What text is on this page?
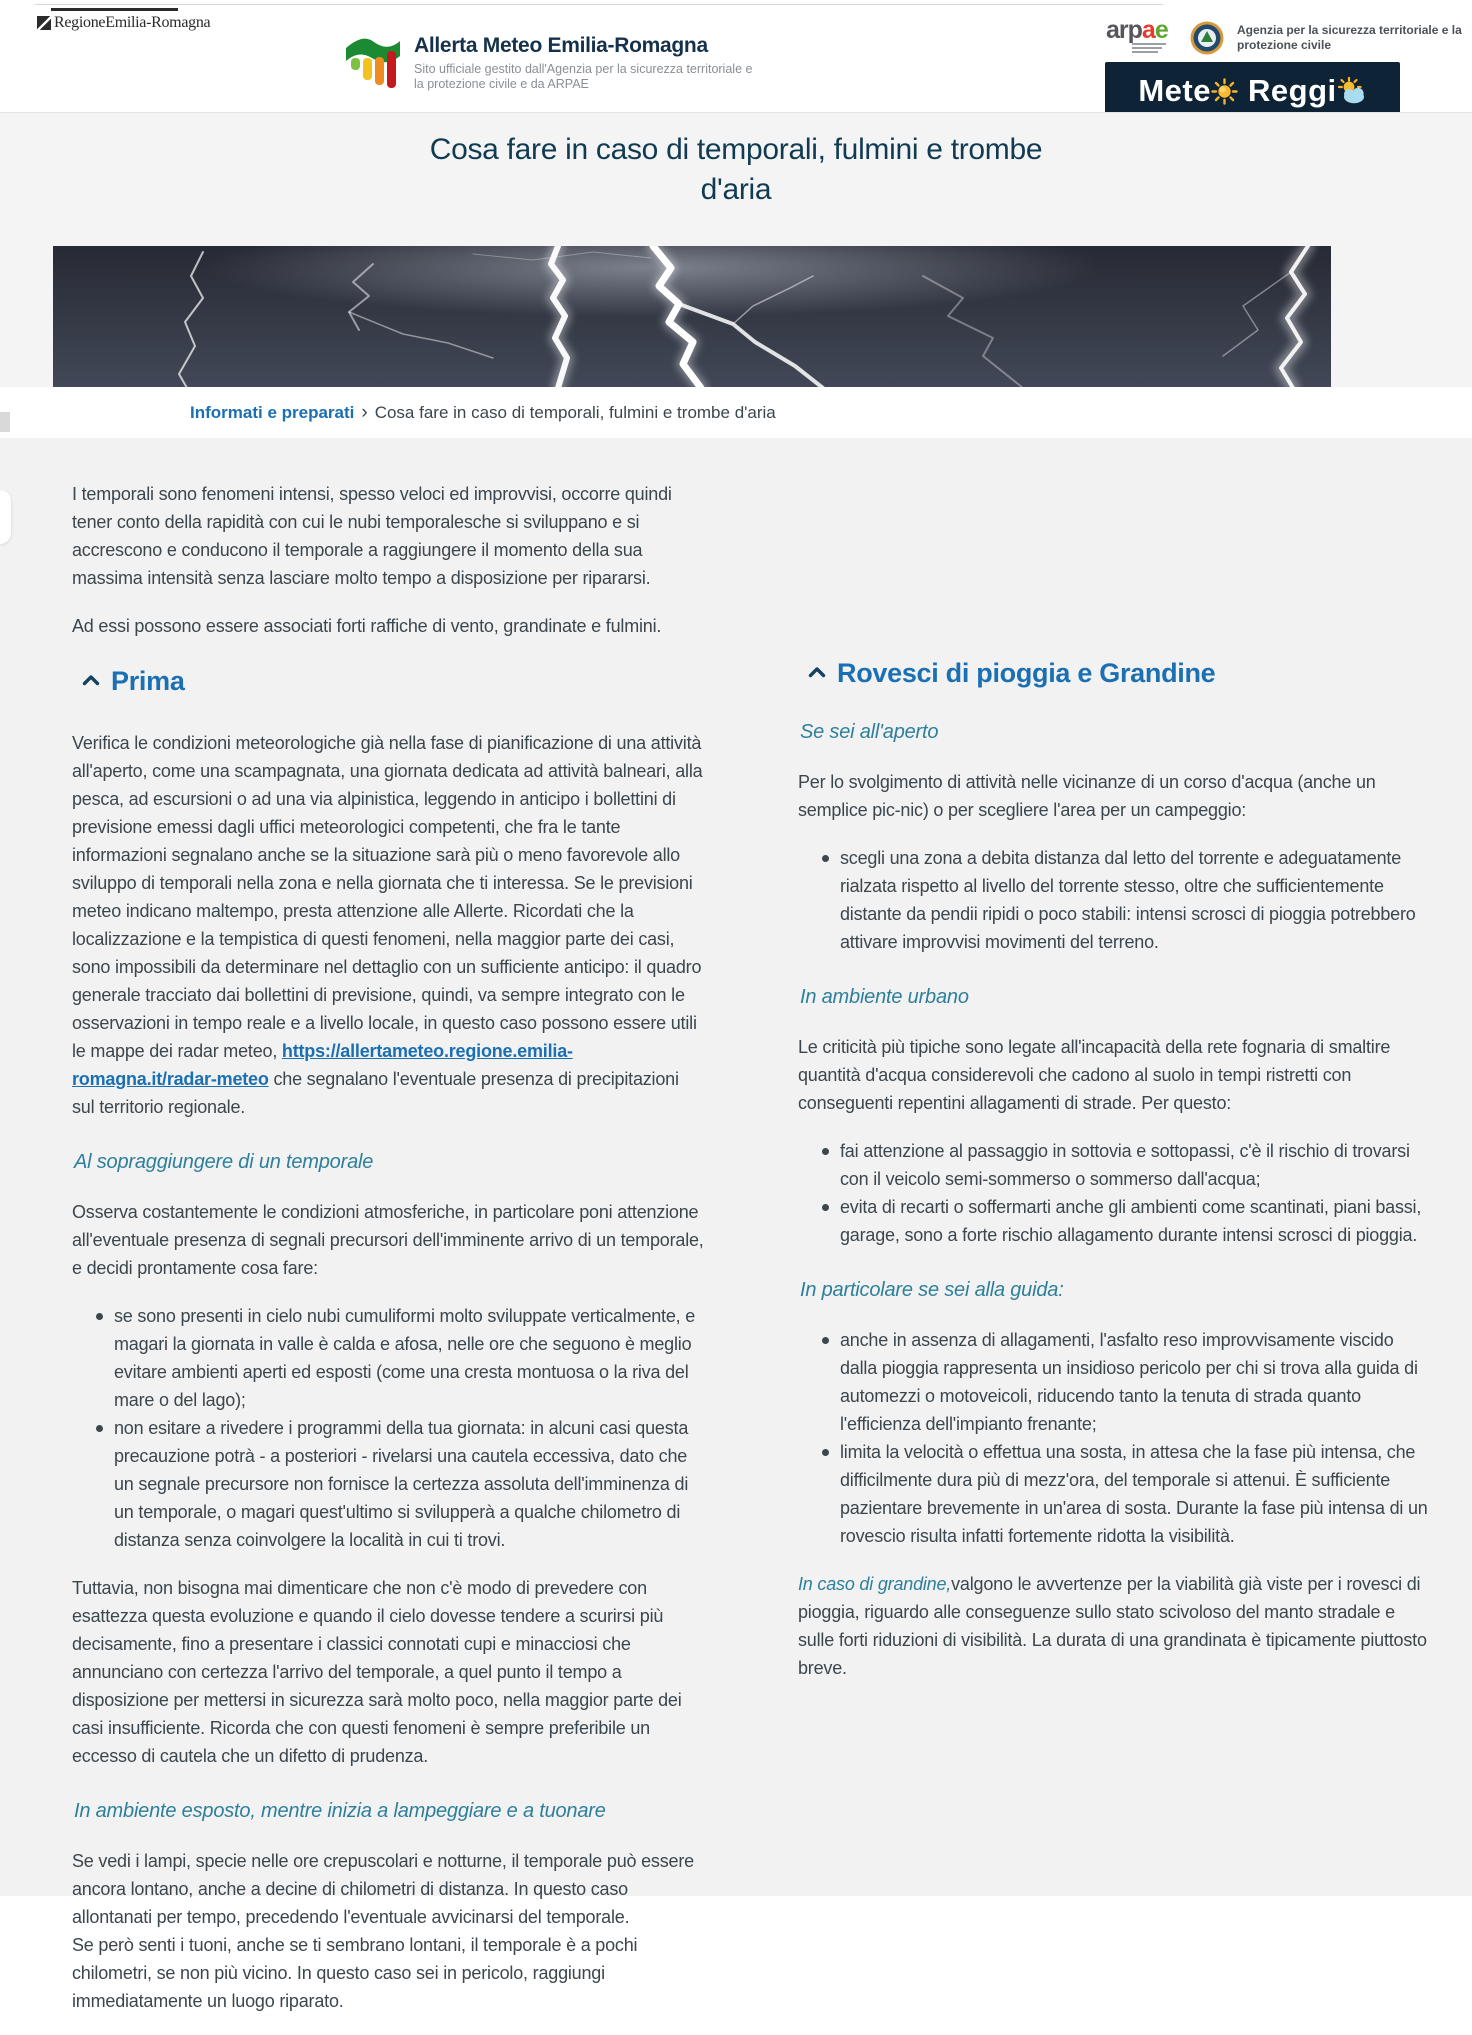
RegioneEmilia-Romagna
Allerta Meteo Emilia-Romagna
Sito ufficiale gestito dall'Agenzia per la sicurezza territoriale e
la protezione civile e da ARPAE
arpae	Agenzia per la sicurezza territoriale e la
protezione civile
Mete Reggi
Cosa fare in caso di temporali, fulmini e trombe
d'aria
Informati e preparati › Cosa fare in caso di temporali, fulmini e trombe d'aria

I temporali sono fenomeni intensi, spesso veloci ed improvvisi, occorre quindi tener conto della rapidità con cui le nubi temporalesche si sviluppano e si accrescono e conducono il temporale a raggiungere il momento della sua massima intensità senza lasciare molto tempo a disposizione per ripararsi.

Ad essi possono essere associati forti raffiche di vento, grandinate e fulmini.

Prima

Verifica le condizioni meteorologiche già nella fase di pianificazione di una attività all'aperto, come una scampagnata, una giornata dedicata ad attività balneari, alla pesca, ad escursioni o ad una via alpinistica, leggendo in anticipo i bollettini di previsione emessi dagli uffici meteorologici competenti, che fra le tante informazioni segnalano anche se la situazione sarà più o meno favorevole allo sviluppo di temporali nella zona e nella giornata che ti interessa. Se le previsioni meteo indicano maltempo, presta attenzione alle Allerte. Ricordati che la localizzazione e la tempistica di questi fenomeni, nella maggior parte dei casi, sono impossibili da determinare nel dettaglio con un sufficiente anticipo: il quadro generale tracciato dai bollettini di previsione, quindi, va sempre integrato con le osservazioni in tempo reale e a livello locale, in questo caso possono essere utili le mappe dei radar meteo, https://allertameteo.regione.emilia-romagna.it/radar-meteo che segnalano l'eventuale presenza di precipitazioni sul territorio regionale.

Al sopraggiungere di un temporale

Osserva costantemente le condizioni atmosferiche, in particolare poni attenzione all'eventuale presenza di segnali precursori dell'imminente arrivo di un temporale, e decidi prontamente cosa fare:

se sono presenti in cielo nubi cumuliformi molto sviluppate verticalmente, e magari la giornata in valle è calda e afosa, nelle ore che seguono è meglio evitare ambienti aperti ed esposti (come una cresta montuosa o la riva del mare o del lago);
non esitare a rivedere i programmi della tua giornata: in alcuni casi questa precauzione potrà - a posteriori - rivelarsi una cautela eccessiva, dato che un segnale precursore non fornisce la certezza assoluta dell'imminenza di un temporale, o magari quest'ultimo si svilupperà a qualche chilometro di distanza senza coinvolgere la località in cui ti trovi.

Tuttavia, non bisogna mai dimenticare che non c'è modo di prevedere con esattezza questa evoluzione e quando il cielo dovesse tendere a scurirsi più decisamente, fino a presentare i classici connotati cupi e minacciosi che annunciano con certezza l'arrivo del temporale, a quel punto il tempo a disposizione per mettersi in sicurezza sarà molto poco, nella maggior parte dei casi insufficiente. Ricorda che con questi fenomeni è sempre preferibile un eccesso di cautela che un difetto di prudenza.

In ambiente esposto, mentre inizia a lampeggiare e a tuonare

Se vedi i lampi, specie nelle ore crepuscolari e notturne, il temporale può essere ancora lontano, anche a decine di chilometri di distanza. In questo caso allontanati per tempo, precedendo l'eventuale avvicinarsi del temporale.
Se però senti i tuoni, anche se ti sembrano lontani, il temporale è a pochi chilometri, se non più vicino. In questo caso sei in pericolo, raggiungi immediatamente un luogo riparato.

Rovesci di pioggia e Grandine
Se sei all'aperto

Per lo svolgimento di attività nelle vicinanze di un corso d'acqua (anche un semplice pic-nic) o per scegliere l'area per un campeggio:

scegli una zona a debita distanza dal letto del torrente e adeguatamente rialzata rispetto al livello del torrente stesso, oltre che sufficientemente distante da pendii ripidi o poco stabili: intensi scrosci di pioggia potrebbero attivare improvvisi movimenti del terreno.
In ambiente urbano

Le criticità più tipiche sono legate all'incapacità della rete fognaria di smaltire quantità d'acqua considerevoli che cadono al suolo in tempi ristretti con conseguenti repentini allagamenti di strade. Per questo:

fai attenzione al passaggio in sottovia e sottopassi, c'è il rischio di trovarsi con il veicolo semi-sommerso o sommerso dall'acqua;
evita di recarti o soffermarti anche gli ambienti come scantinati, piani bassi, garage, sono a forte rischio allagamento durante intensi scrosci di pioggia.
In particolare se sei alla guida:
anche in assenza di allagamenti, l'asfalto reso improvvisamente viscido dalla pioggia rappresenta un insidioso pericolo per chi si trova alla guida di automezzi o motoveicoli, riducendo tanto la tenuta di strada quanto l'efficienza dell'impianto frenante;
limita la velocità o effettua una sosta, in attesa che la fase più intensa, che difficilmente dura più di mezz'ora, del temporale si attenui. È sufficiente pazientare brevemente in un'area di sosta. Durante la fase più intensa di un rovescio risulta infatti fortemente ridotta la visibilità.

In caso di grandine,valgono le avvertenze per la viabilità già viste per i rovesci di pioggia, riguardo alle conseguenze sullo stato scivoloso del manto stradale e sulle forti riduzioni di visibilità. La durata di una grandinata è tipicamente piuttosto breve.
